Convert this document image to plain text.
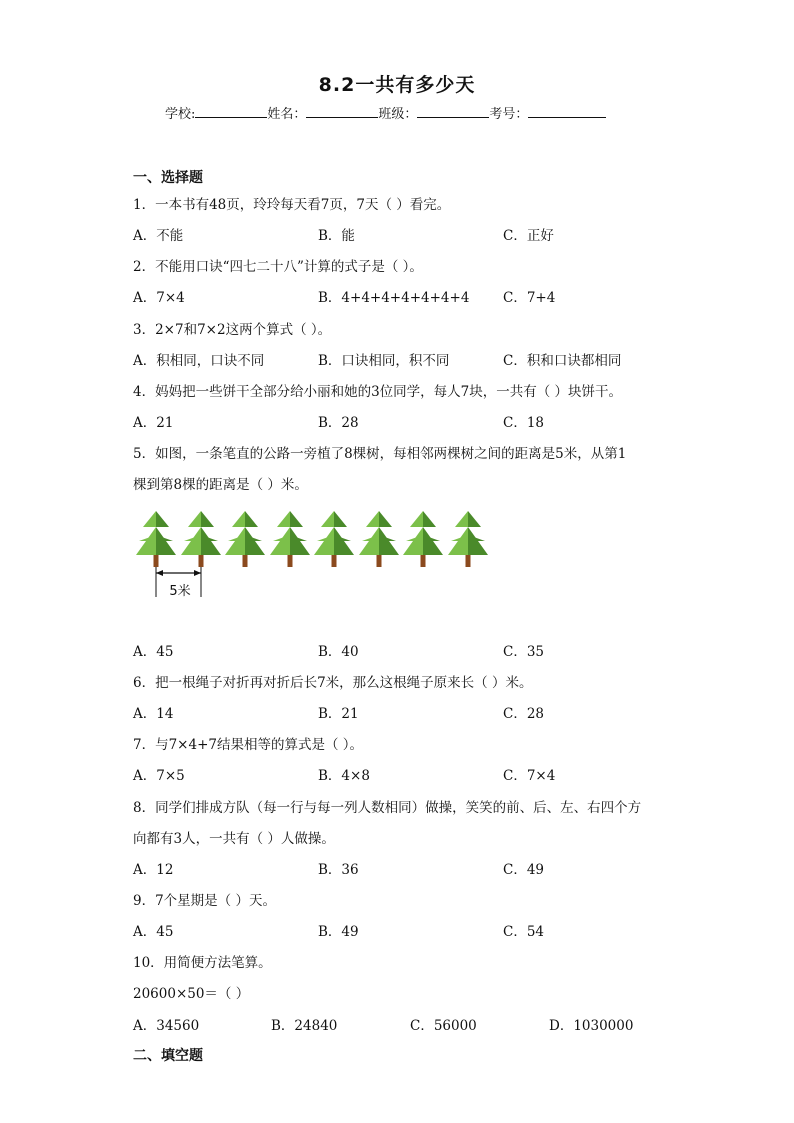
8.2一共有多少天
学校:	姓名：	班级：	考号：
一、选择题
1．一本书有48页，玲玲每天看7页，7天（ ）看完。
A．不能	B．能	C．正好
2．不能用口诀“四七二十八”计算的式子是（ ）。
A．7×4	B．4+4+4+4+4+4+4 C．7+4
3．2×7和7×2这两个算式（ ）。
A．积相同，口诀不同	B．口诀相同，积不同	C．积和口诀都相同
4．妈妈把一些饼干全部分给小丽和她的3位同学，每人7块，一共有（ ）块饼干。
A．21	B．28	C．18
5．如图，一条笔直的公路一旁植了8棵树，每相邻两棵树之间的距离是5米，从第1
棵到第8棵的距离是（ ）米。
5米
A．45	B．40	C．35
6．把一根绳子对折再对折后长7米，那么这根绳子原来长（ ）米。
A．14	B．21	C．28
7．与7×4+7结果相等的算式是（ ）。
A．7×5	B．4×8	C．7×4
8．同学们排成方队（每一行与每一列人数相同）做操，笑笑的前、后、左、右四个方
向都有3人，一共有（ ）人做操。
A．12	B．36	C．49
9．7个星期是（ ）天。
A．45	B．49	C．54
10．用简便方法笔算。
20600×50＝（ ）
A．34560	B．24840	C．56000	D．1030000
二、填空题
